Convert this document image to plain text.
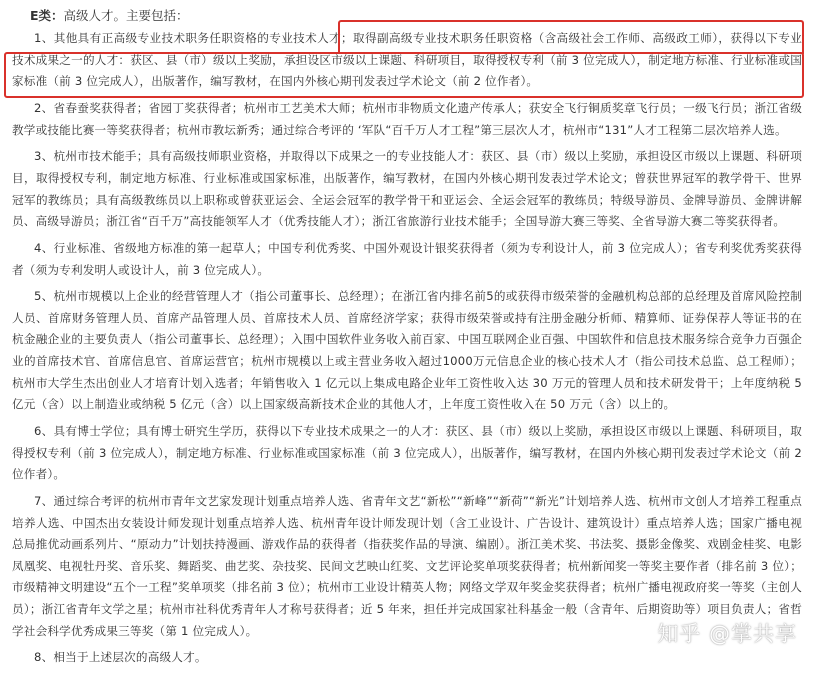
E类：高级人才。主要包括：

1、其他具有正高级专业技术职务任职资格的专业技术人才；取得副高级专业技术职务任职资格（含高级社会工作师、高级政工师），获得以下专业技术成果之一的人才：获区、县（市）级以上奖励，承担设区市级以上课题、科研项目，取得授权专利（前 3 位完成人），制定地方标准、行业标准或国家标准（前 3 位完成人），出版著作，编写教材，在国内外核心期刊发表过学术论文（前 2 位作者）。

2、省春蚕奖获得者；省园丁奖获得者；杭州市工艺美术大师；杭州市非物质文化遗产传承人；获安全飞行铜质奖章飞行员；一级飞行员；浙江省级教学或技能比赛一等奖获得者；杭州市教坛新秀；通过综合考评的 ‘军队“百千万人才工程”第三层次人才，杭州市“131”人才工程第二层次培养人选。

3、杭州市技术能手；具有高级技师职业资格，并取得以下成果之一的专业技能人才：获区、县（市）级以上奖励，承担设区市级以上课题、科研项目，取得授权专利，制定地方标准、行业标准或国家标准，出版著作，编写教材，在国内外核心期刊发表过学术论文；曾获世界冠军的教学骨干、世界冠军的教练员；具有高级教练员以上职称或曾获亚运会、全运会冠军的教学骨干和亚运会、全运会冠军的教练员；特级导游员、金牌导游员、金牌讲解员、高级导游员；浙江省“百千万”高技能领军人才（优秀技能人才）；浙江省旅游行业技术能手；全国导游大赛三等奖、全省导游大赛二等奖获得者。

4、行业标准、省级地方标准的第一起草人；中国专利优秀奖、中国外观设计银奖获得者（须为专利设计人，前 3 位完成人）；省专利奖优秀奖获得者（须为专利发明人或设计人，前 3 位完成人）。

5、杭州市规模以上企业的经营管理人才（指公司董事长、总经理）；在浙江省内排名前5的或获得市级荣誉的金融机构总部的总经理及首席风险控制人员、首席财务管理人员、首席产品管理人员、首席技术人员、首席经济学家；获得市级荣誉或持有注册金融分析师、精算师、证券保荐人等证书的在杭金融企业的主要负责人（指公司董事长、总经理）；入围中国软件业务收入前百家、中国互联网企业百强、中国软件和信息技术服务综合竞争力百强企业的首席技术官、首席信息官、首席运营官；杭州市规模以上或主营业务收入超过1000万元信息企业的核心技术人才（指公司技术总监、总工程师）；杭州市大学生杰出创业人才培育计划入选者；年销售收入 1 亿元以上集成电路企业年工资性收入达 30 万元的管理人员和技术研发骨干；上年度纳税 5 亿元（含）以上制造业或纳税 5 亿元（含）以上国家级高新技术企业的其他人才，上年度工资性收入在 50 万元（含）以上的。

6、具有博士学位；具有博士研究生学历，获得以下专业技术成果之一的人才：获区、县（市）级以上奖励，承担设区市级以上课题、科研项目，取得授权专利（前 3 位完成人），制定地方标准、行业标准或国家标准（前 3 位完成人），出版著作，编写教材，在国内外核心期刊发表过学术论文（前 2 位作者）。

7、通过综合考评的杭州市青年文艺家发现计划重点培养人选、省青年文艺“新松”“新峰”“新荷”“新光”计划培养人选、杭州市文创人才培养工程重点培养人选、中国杰出女装设计师发现计划重点培养人选、杭州青年设计师发现计划（含工业设计、广告设计、建筑设计）重点培养人选；国家广播电视总局推优动画系列片、“原动力”计划扶持漫画、游戏作品的获得者（指获奖作品的导演、编剧）。浙江美术奖、书法奖、摄影金像奖、戏剧金桂奖、电影凤凰奖、电视牡丹奖、音乐奖、舞蹈奖、曲艺奖、杂技奖、民间文艺映山红奖、文艺评论奖单项奖获得者；杭州新闻奖一等奖主要作者（排名前 3 位）；市级精神文明建设“五个一工程”奖单项奖（排名前 3 位）；杭州市工业设计精英人物；网络文学双年奖金奖获得者；杭州广播电视政府奖一等奖（主创人员）；浙江省青年文学之星；杭州市社科优秀青年人才称号获得者；近 5 年来，担任并完成国家社科基金一般（含青年、后期资助等）项目负责人；省哲学社会科学优秀成果三等奖（第 1 位完成人）。

8、相当于上述层次的高级人才。

知乎 @掌共享
